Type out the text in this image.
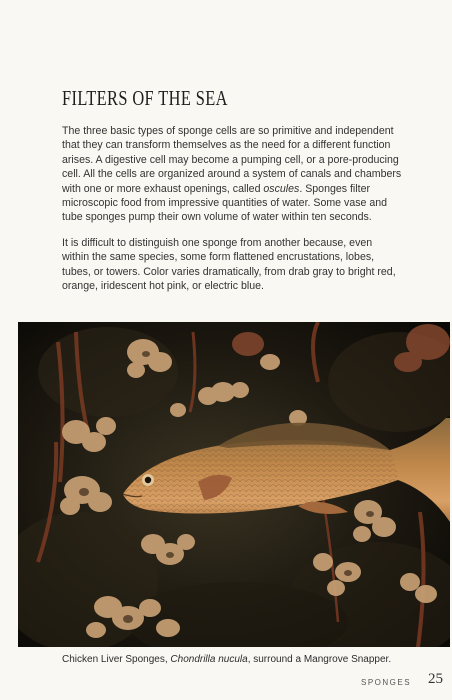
FILTERS OF THE SEA

The three basic types of sponge cells are so primitive and independent that they can transform themselves as the need for a different function arises. A digestive cell may become a pumping cell, or a pore-producing cell. All the cells are organized around a system of canals and chambers with one or more exhaust openings, called oscules. Sponges filter microscopic food from impressive quantities of water. Some vase and tube sponges pump their own volume of water within ten seconds.

It is difficult to distinguish one sponge from another because, even within the same species, some form flattened encrustations, lobes, tubes, or towers. Color varies dramatically, from drab gray to bright red, orange, iridescent hot pink, or electric blue.

Chicken Liver Sponges, Chondrilla nucula, surround a Mangrove Snapper.
SPONGES 25
